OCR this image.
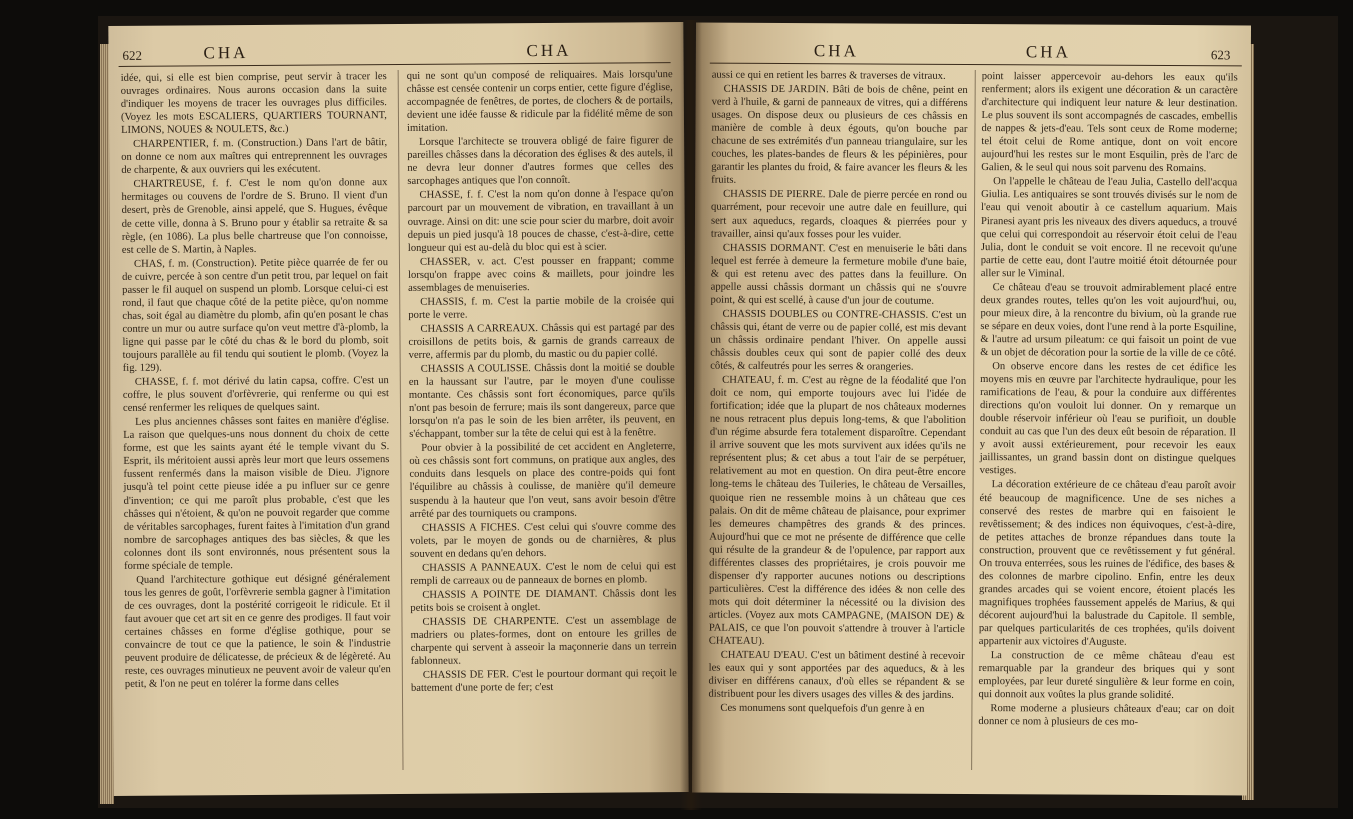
622	CHA	CHA

idée, qui, si elle est bien comprise, peut servir à tracer les ouvrages ordinaires. Nous aurons occasion dans la suite d'indiquer les moyens de tracer les ouvrages plus difficiles. (Voyez les mots ESCALIERS, QUARTIERS TOURNANT, LIMONS, NOUES & NOULETS, &c.)

CHARPENTIER, f. m. (Construction.) Dans l'art de bâtir, on donne ce nom aux maîtres qui entreprennent les ouvrages de charpente, & aux ouvriers qui les exécutent.

CHARTREUSE, f. f. C'est le nom qu'on donne aux hermitages ou couvens de l'ordre de S. Bruno. Il vient d'un desert, près de Grenoble, ainsi appelé, que S. Hugues, évêque de cette ville, donna à S. Bruno pour y établir sa retraite & sa règle, (en 1086). La plus belle chartreuse que l'on connoisse, est celle de S. Martin, à Naples.

CHAS, f. m. (Construction). Petite pièce quarrée de fer ou de cuivre, percée à son centre d'un petit trou, par lequel on fait passer le fil auquel on suspend un plomb. Lorsque celui-ci est rond, il faut que chaque côté de la petite pièce, qu'on nomme chas, soit égal au diamètre du plomb, afin qu'en posant le chas contre un mur ou autre surface qu'on veut mettre d'à-plomb, la ligne qui passe par le côté du chas & le bord du plomb, soit toujours parallèle au fil tendu qui soutient le plomb. (Voyez la fig. 129).

CHASSE, f. f. mot dérivé du latin capsa, coffre. C'est un coffre, le plus souvent d'orfèvrerie, qui renferme ou qui est censé renfermer les reliques de quelques saint.

Les plus anciennes châsses sont faites en manière d'église. La raison que quelques-uns nous donnent du choix de cette forme, est que les saints ayant été le temple vivant du S. Esprit, ils méritoient aussi après leur mort que leurs ossemens fussent renfermés dans la maison visible de Dieu. J'ignore jusqu'à tel point cette pieuse idée a pu influer sur ce genre d'invention; ce qui me paroît plus probable, c'est que les châsses qui n'étoient, & qu'on ne pouvoit regarder que comme de véritables sarcophages, furent faites à l'imitation d'un grand nombre de sarcophages antiques des bas siècles, & que les colonnes dont ils sont environnés, nous présentent sous la forme spéciale de temple.

Quand l'architecture gothique eut désigné généralement tous les genres de goût, l'orfèvrerie sembla gagner à l'imitation de ces ouvrages, dont la postérité corrigeoit le ridicule. Et il faut avouer que cet art sit en ce genre des prodiges. Il faut voir certaines châsses en forme d'église gothique, pour se convaincre de tout ce que la patience, le soin & l'industrie peuvent produire de délicatesse, de précieux & de légèreté. Au reste, ces ouvrages minutieux ne peuvent avoir de valeur qu'en petit, & l'on ne peut en tolérer la forme dans celles

qui ne sont qu'un composé de reliquaires. Mais lorsqu'une châsse est censée contenir un corps entier, cette figure d'église, accompagnée de fenêtres, de portes, de clochers & de portails, devient une idée fausse & ridicule par la fidélité même de son imitation.

Lorsque l'architecte se trouvera obligé de faire figurer de pareilles châsses dans la décoration des églises & des autels, il ne devra leur donner d'autres formes que celles des sarcophages antiques que l'on connoît.

CHASSE, f. f. C'est la nom qu'on donne à l'espace qu'on parcourt par un mouvement de vibration, en travaillant à un ouvrage. Ainsi on dit: une scie pour scier du marbre, doit avoir depuis un pied jusqu'à 18 pouces de chasse, c'est-à-dire, cette longueur qui est au-delà du bloc qui est à scier.

CHASSER, v. act. C'est pousser en frappant; comme lorsqu'on frappe avec coins & maillets, pour joindre les assemblages de menuiseries.

CHASSIS, f. m. C'est la partie mobile de la croisée qui porte le verre.

CHASSIS A CARREAUX. Châssis qui est partagé par des croisillons de petits bois, & garnis de grands carreaux de verre, affermis par du plomb, du mastic ou du papier collé.

CHASSIS A COULISSE. Châssis dont la moitié se double en la haussant sur l'autre, par le moyen d'une coulisse montante. Ces châssis sont fort économiques, parce qu'ils n'ont pas besoin de ferrure; mais ils sont dangereux, parce que lorsqu'on n'a pas le soin de les bien arrêter, ils peuvent, en s'échappant, tomber sur la tête de celui qui est à la fenêtre.

Pour obvier à la possibilité de cet accident en Angleterre, où ces châssis sont fort communs, on pratique aux angles, des conduits dans lesquels on place des contre-poids qui font l'équilibre au châssis à coulisse, de manière qu'il demeure suspendu à la hauteur que l'on veut, sans avoir besoin d'être arrêté par des tourniquets ou crampons.

CHASSIS A FICHES. C'est celui qui s'ouvre comme des volets, par le moyen de gonds ou de charnières, & plus souvent en dedans qu'en dehors.

CHASSIS A PANNEAUX. C'est le nom de celui qui est rempli de carreaux ou de panneaux de bornes en plomb.

CHASSIS A POINTE DE DIAMANT. Châssis dont les petits bois se croisent à onglet.

CHASSIS DE CHARPENTE. C'est un assemblage de madriers ou plates-formes, dont on entoure les grilles de charpente qui servent à asseoir la maçonnerie dans un terrein fablonneux.

CHASSIS DE FER. C'est le pourtour dormant qui reçoit le battement d'une porte de fer; c'est

CHA	CHA	623

aussi ce qui en retient les barres & traverses de vitraux.

CHASSIS DE JARDIN. Bâti de bois de chêne, peint en verd à l'huile, & garni de panneaux de vitres, qui a différens usages. On dispose deux ou plusieurs de ces châssis en manière de comble à deux égouts, qu'on bouche par chacune de ses extrémités d'un panneau triangulaire, sur les couches, les plates-bandes de fleurs & les pépinières, pour garantir les plantes du froid, & faire avancer les fleurs & les fruits.

CHASSIS DE PIERRE. Dale de pierre percée en rond ou quarrément, pour recevoir une autre dale en feuillure, qui sert aux aqueducs, regards, cloaques & pierrées pour y travailler, ainsi qu'aux fosses pour les vuider.

CHASSIS DORMANT. C'est en menuiserie le bâti dans lequel est ferrée à demeure la fermeture mobile d'une baie, & qui est retenu avec des pattes dans la feuillure. On appelle aussi châssis dormant un châssis qui ne s'ouvre point, & qui est scellé, à cause d'un jour de coutume.

CHASSIS DOUBLES ou CONTRE-CHASSIS. C'est un châssis qui, étant de verre ou de papier collé, est mis devant un châssis ordinaire pendant l'hiver. On appelle aussi châssis doubles ceux qui sont de papier collé des deux côtés, & calfeutrés pour les serres & orangeries.

CHATEAU, f. m. C'est au règne de la féodalité que l'on doit ce nom, qui emporte toujours avec lui l'idée de fortification; idée que la plupart de nos châteaux modernes ne nous retracent plus depuis long-tems, & que l'abolition d'un régime absurde fera totalement disparoître. Cependant il arrive souvent que les mots survivent aux idées qu'ils ne représentent plus; & cet abus a tout l'air de se perpétuer, relativement au mot en question. On dira peut-être encore long-tems le château des Tuileries, le château de Versailles, quoique rien ne ressemble moins à un château que ces palais. On dit de même château de plaisance, pour exprimer les demeures champêtres des grands & des princes. Aujourd'hui que ce mot ne présente de différence que celle qui résulte de la grandeur & de l'opulence, par rapport aux différentes classes des propriétaires, je crois pouvoir me dispenser d'y rapporter aucunes notions ou descriptions particulières. C'est la différence des idées & non celle des mots qui doit déterminer la nécessité ou la division des articles. (Voyez aux mots CAMPAGNE, (MAISON DE) & PALAIS, ce que l'on pouvoit s'attendre à trouver à l'article CHATEAU).

CHATEAU D'EAU. C'est un bâtiment destiné à recevoir les eaux qui y sont apportées par des aqueducs, & à les diviser en différens canaux, d'où elles se répandent & se distribuent pour les divers usages des villes & des jardins.

Ces monumens sont quelquefois d'un genre à en

point laisser appercevoir au-dehors les eaux qu'ils renferment; alors ils exigent une décoration & un caractère d'architecture qui indiquent leur nature & leur destination. Le plus souvent ils sont accompagnés de cascades, embellis de nappes & jets-d'eau. Tels sont ceux de Rome moderne; tel étoit celui de Rome antique, dont on voit encore aujourd'hui les restes sur le mont Esquilin, près de l'arc de Galien, & le seul qui nous soit parvenu des Romains.

On l'appelle le château de l'eau Julia, Castello dell'acqua Giulia. Les antiquaires se sont trouvés divisés sur le nom de l'eau qui venoit aboutir à ce castellum aquarium. Mais Piranesi ayant pris les niveaux des divers aqueducs, a trouvé que celui qui correspondoit au réservoir étoit celui de l'eau Julia, dont le conduit se voit encore. Il ne recevoit qu'une partie de cette eau, dont l'autre moitié étoit détournée pour aller sur le Viminal.

Ce château d'eau se trouvoit admirablement placé entre deux grandes routes, telles qu'on les voit aujourd'hui, ou, pour mieux dire, à la rencontre du bivium, où la grande rue se sépare en deux voies, dont l'une rend à la porte Esquiline, & l'autre ad ursum pileatum: ce qui faisoit un point de vue & un objet de décoration pour la sortie de la ville de ce côté.

On observe encore dans les restes de cet édifice les moyens mis en œuvre par l'architecte hydraulique, pour les ramifications de l'eau, & pour la conduire aux différentes directions qu'on vouloit lui donner. On y remarque un double réservoir inférieur où l'eau se purifioit, un double conduit au cas que l'un des deux eût besoin de réparation. Il y avoit aussi extérieurement, pour recevoir les eaux jaillissantes, un grand bassin dont on distingue quelques vestiges.

La décoration extérieure de ce château d'eau paroît avoir été beaucoup de magnificence. Une de ses niches a conservé des restes de marbre qui en faisoient le revêtissement; & des indices non équivoques, c'est-à-dire, de petites attaches de bronze répandues dans toute la construction, prouvent que ce revêtissement y fut général. On trouva enterrées, sous les ruines de l'édifice, des bases & des colonnes de marbre cipolino. Enfin, entre les deux grandes arcades qui se voient encore, étoient placés les magnifiques trophées faussement appelés de Marius, & qui décorent aujourd'hui la balustrade du Capitole. Il semble, par quelques particularités de ces trophées, qu'ils doivent appartenir aux victoires d'Auguste.

La construction de ce même château d'eau est remarquable par la grandeur des briques qui y sont employées, par leur dureté singulière & leur forme en coin, qui donnoit aux voûtes la plus grande solidité.

Rome moderne a plusieurs châteaux d'eau; car on doit donner ce nom à plusieurs de ces mo-
